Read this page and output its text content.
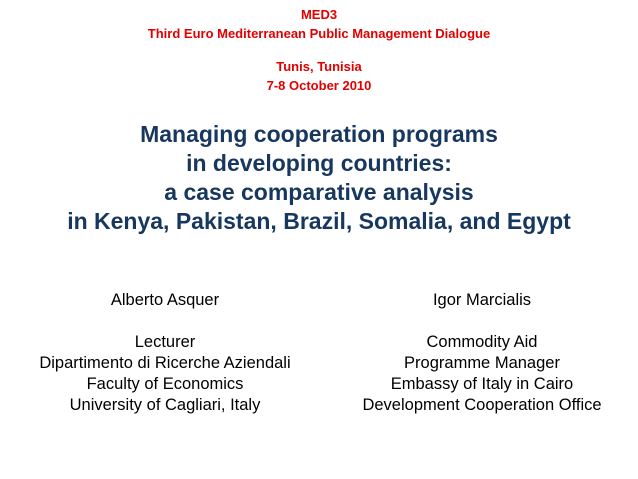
MED3
Third Euro Mediterranean Public Management Dialogue
Tunis, Tunisia
7-8 October 2010
Managing cooperation programs
in developing countries:
a case comparative analysis
in Kenya, Pakistan, Brazil, Somalia, and Egypt
Alberto Asquer
Lecturer
Dipartimento di Ricerche Aziendali
Faculty of Economics
University of Cagliari, Italy
Igor Marcialis
Commodity Aid
Programme Manager
Embassy of Italy in Cairo
Development Cooperation Office
